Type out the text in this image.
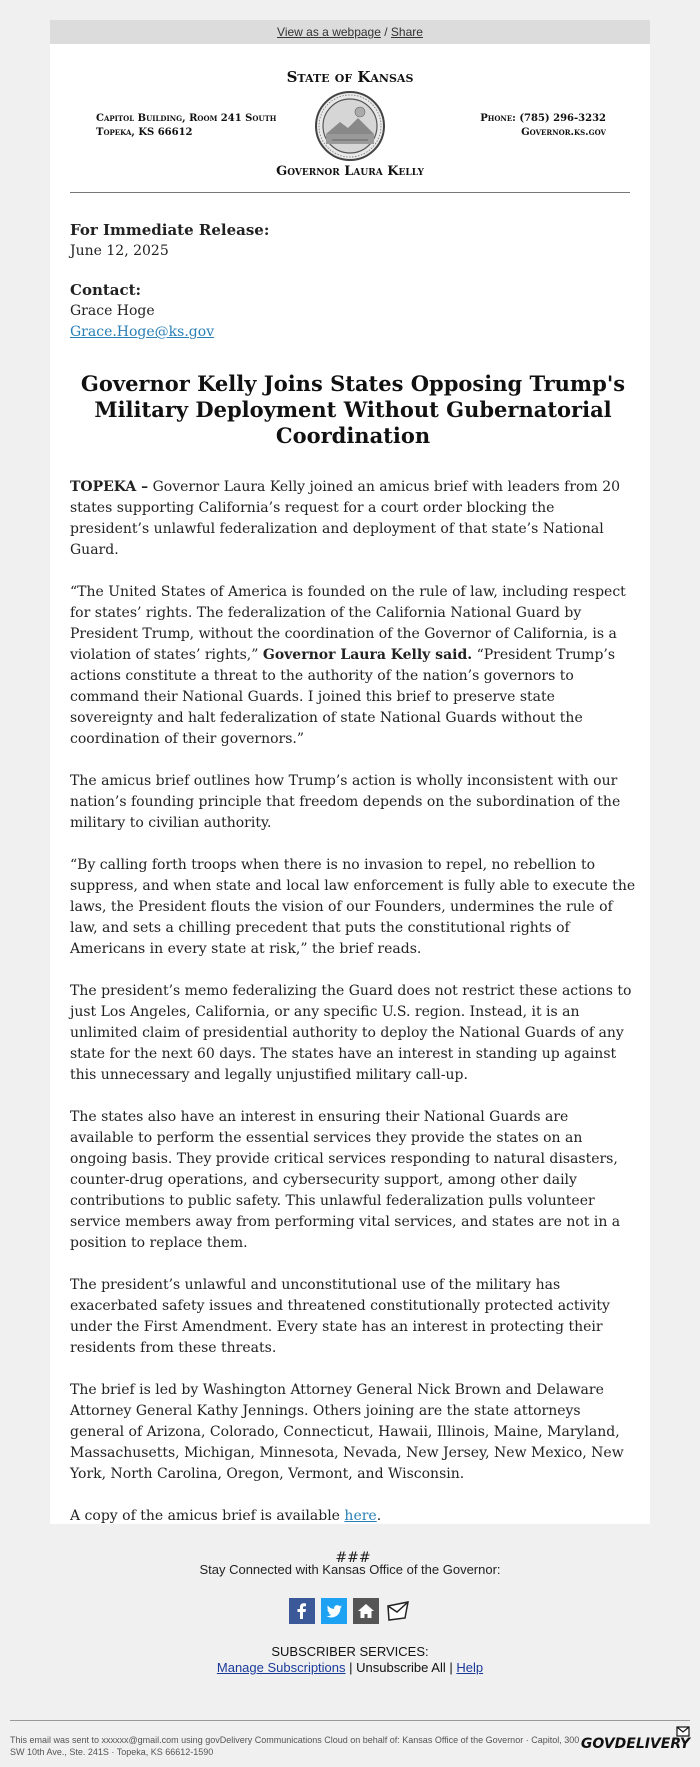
View as a webpage / Share
State of Kansas
Capitol Building, Room 241 South
Topeka, KS 66612
Phone: (785) 296-3232
Governor.ks.gov
Governor Laura Kelly
For Immediate Release:
June 12, 2025
Contact:
Grace Hoge
Grace.Hoge@ks.gov
Governor Kelly Joins States Opposing Trump's Military Deployment Without Gubernatorial Coordination

TOPEKA – Governor Laura Kelly joined an amicus brief with leaders from 20 states supporting California’s request for a court order blocking the president’s unlawful federalization and deployment of that state’s National Guard.

“The United States of America is founded on the rule of law, including respect for states’ rights. The federalization of the California National Guard by President Trump, without the coordination of the Governor of California, is a violation of states’ rights,” Governor Laura Kelly said. “President Trump’s actions constitute a threat to the authority of the nation’s governors to command their National Guards. I joined this brief to preserve state sovereignty and halt federalization of state National Guards without the coordination of their governors.”

The amicus brief outlines how Trump’s action is wholly inconsistent with our nation’s founding principle that freedom depends on the subordination of the military to civilian authority.

“By calling forth troops when there is no invasion to repel, no rebellion to suppress, and when state and local law enforcement is fully able to execute the laws, the President flouts the vision of our Founders, undermines the rule of law, and sets a chilling precedent that puts the constitutional rights of Americans in every state at risk,” the brief reads.

The president’s memo federalizing the Guard does not restrict these actions to just Los Angeles, California, or any specific U.S. region. Instead, it is an unlimited claim of presidential authority to deploy the National Guards of any state for the next 60 days. The states have an interest in standing up against this unnecessary and legally unjustified military call-up.

The states also have an interest in ensuring their National Guards are available to perform the essential services they provide the states on an ongoing basis. They provide critical services responding to natural disasters, counter-drug operations, and cybersecurity support, among other daily contributions to public safety. This unlawful federalization pulls volunteer service members away from performing vital services, and states are not in a position to replace them.

The president’s unlawful and unconstitutional use of the military has exacerbated safety issues and threatened constitutionally protected activity under the First Amendment. Every state has an interest in protecting their residents from these threats.

The brief is led by Washington Attorney General Nick Brown and Delaware Attorney General Kathy Jennings. Others joining are the state attorneys general of Arizona, Colorado, Connecticut, Hawaii, Illinois, Maine, Maryland, Massachusetts, Michigan, Minnesota, Nevada, New Jersey, New Mexico, New York, North Carolina, Oregon, Vermont, and Wisconsin.

A copy of the amicus brief is available here.

###
Stay Connected with Kansas Office of the Governor:
SUBSCRIBER SERVICES:
Manage Subscriptions | Unsubscribe All | Help
This email was sent to xxxxxx@gmail.com using govDelivery Communications Cloud on behalf of: Kansas Office of the Governor · Capitol, 300 SW 10th Ave., Ste. 241S · Topeka, KS 66612-1590	GOVDELIVERY
